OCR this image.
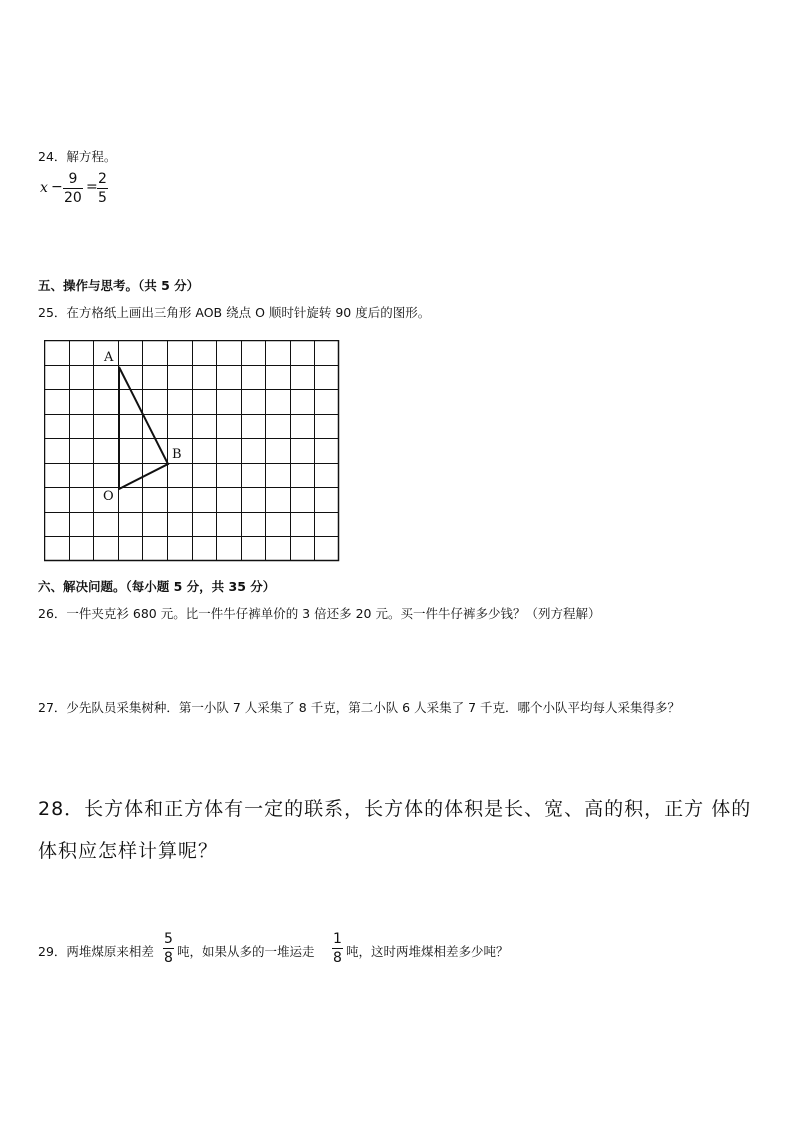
24．解方程。
x − 9
20
= 2
5
五、操作与思考。（共 5 分）
25．在方格纸上画出三角形 AOB 绕点 O 顺时针旋转 90 度后的图形。
A
B
O
六、解决问题。（每小题 5 分，共 35 分）
26．一件夹克衫 680 元。比一件牛仔裤单价的 3 倍还多 20 元。买一件牛仔裤多少钱？（列方程解）
27．少先队员采集树种．第一小队 7 人采集了 8 千克，第二小队 6 人采集了 7 千克．哪个小队平均每人采集得多？
28．长方体和正方体有一定的联系，长方体的体积是长、宽、高的积，正方 体的
体积应怎样计算呢？
29．两堆煤原来相差
5
8 吨，如果从多的一堆运走
1
8 吨，这时两堆煤相差多少吨？
